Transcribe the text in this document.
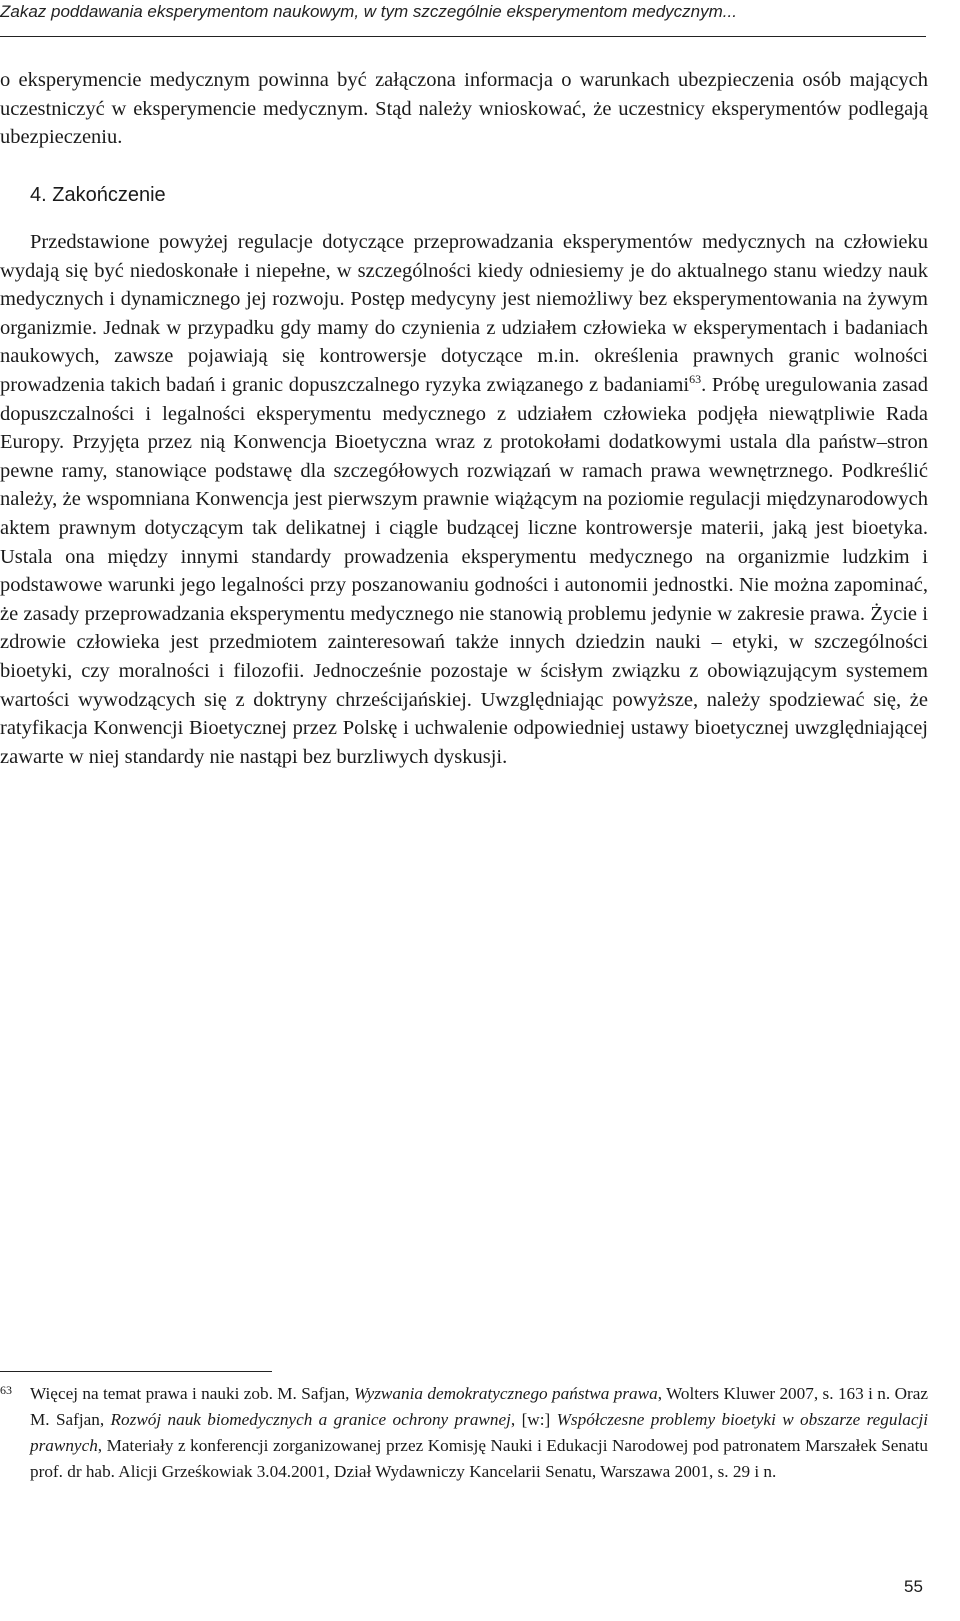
Zakaz poddawania eksperymentom naukowym, w tym szczególnie eksperymentom medycznym...

o eksperymencie medycznym powinna być załączona informacja o warunkach ubezpieczenia osób mających uczestniczyć w eksperymencie medycznym. Stąd należy wnioskować, że uczestnicy eksperymentów podlegają ubezpieczeniu.

4. Zakończenie

Przedstawione powyżej regulacje dotyczące przeprowadzania eksperymentów medycznych na człowieku wydają się być niedoskonałe i niepełne, w szczególności kiedy odniesiemy je do aktualnego stanu wiedzy nauk medycznych i dynamicznego jej rozwoju. Postęp medycyny jest niemożliwy bez eksperymentowania na żywym organizmie. Jednak w przypadku gdy mamy do czynienia z udziałem człowieka w eksperymentach i badaniach naukowych, zawsze pojawiają się kontrowersje dotyczące m.in. określenia prawnych granic wolności prowadzenia takich badań i granic dopuszczalnego ryzyka związanego z badaniami$^{63}$. Próbę uregulowania zasad dopuszczalności i legalności eksperymentu medycznego z udziałem człowieka podjęła niewątpliwie Rada Europy. Przyjęta przez nią Konwencja Bioetyczna wraz z protokołami dodatkowymi ustala dla państw–stron pewne ramy, stanowiące podstawę dla szczegółowych rozwiązań w ramach prawa wewnętrznego. Podkreślić należy, że wspomniana Konwencja jest pierwszym prawnie wiążącym na poziomie regulacji międzynarodowych aktem prawnym dotyczącym tak delikatnej i ciągle budzącej liczne kontrowersje materii, jaką jest bioetyka. Ustala ona między innymi standardy prowadzenia eksperymentu medycznego na organizmie ludzkim i podstawowe warunki jego legalności przy poszanowaniu godności i autonomii jednostki. Nie można zapominać, że zasady przeprowadzania eksperymentu medycznego nie stanowią problemu jedynie w zakresie prawa. Życie i zdrowie człowieka jest przedmiotem zainteresowań także innych dziedzin nauki – etyki, w szczególności bioetyki, czy moralności i filozofii. Jednocześnie pozostaje w ścisłym związku z obowiązującym systemem wartości wywodzących się z doktryny chrześcijańskiej. Uwzględniając powyższe, należy spodziewać się, że ratyfikacja Konwencji Bioetycznej przez Polskę i uchwalenie odpowiedniej ustawy bioetycznej uwzględniającej zawarte w niej standardy nie nastąpi bez burzliwych dyskusji.

63 Więcej na temat prawa i nauki zob. M. Safjan, Wyzwania demokratycznego państwa prawa, Wolters Kluwer 2007, s. 163 i n. Oraz M. Safjan, Rozwój nauk biomedycznych a granice ochrony prawnej, [w:] Współczesne problemy bioetyki w obszarze regulacji prawnych, Materiały z konferencji zorganizowanej przez Komisję Nauki i Edukacji Narodowej pod patronatem Marszałek Senatu prof. dr hab. Alicji Grześkowiak 3.04.2001, Dział Wydawniczy Kancelarii Senatu, Warszawa 2001, s. 29 i n.

55
